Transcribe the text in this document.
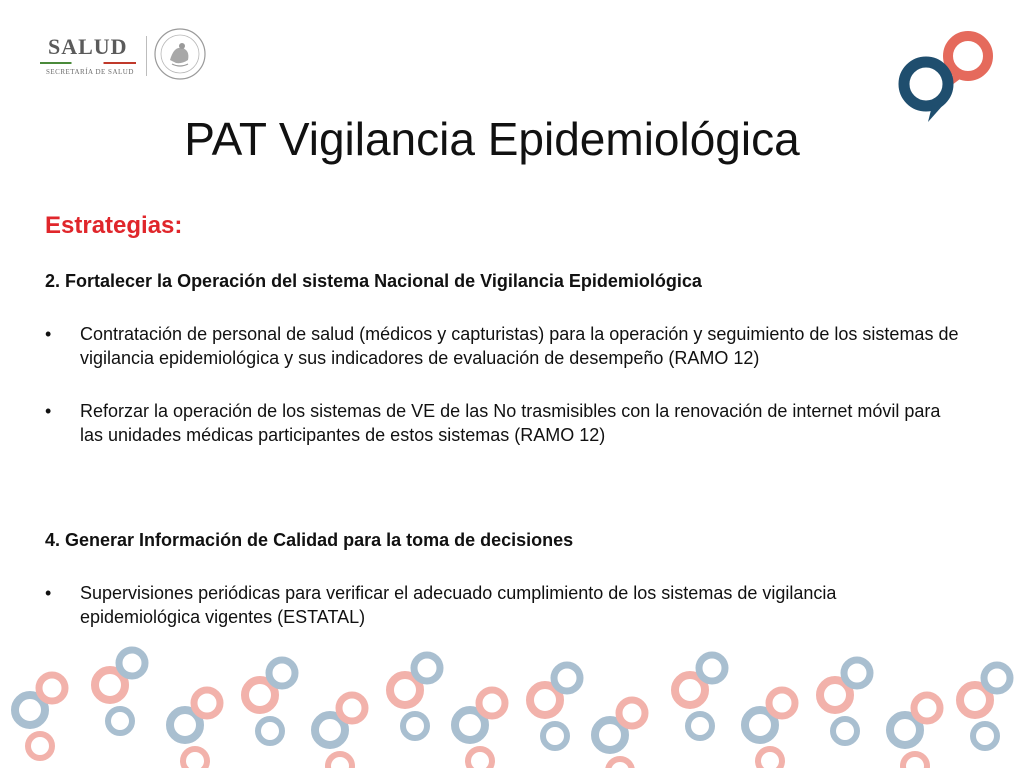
SALUD
SECRETARÍA DE SALUD
PAT Vigilancia Epidemiológica
Estrategias:
2. Fortalecer la Operación del sistema Nacional de Vigilancia Epidemiológica
• Contratación de personal de salud (médicos y capturistas) para la operación y seguimiento de los sistemas de vigilancia epidemiológica y sus indicadores de evaluación de desempeño (RAMO 12)
• Reforzar la operación de los sistemas de VE de las No trasmisibles con la renovación de internet móvil para las unidades médicas participantes de estos sistemas (RAMO 12)
4. Generar Información de Calidad para la toma de decisiones
• Supervisiones periódicas para verificar el adecuado cumplimiento de los sistemas de vigilancia epidemiológica vigentes (ESTATAL)
